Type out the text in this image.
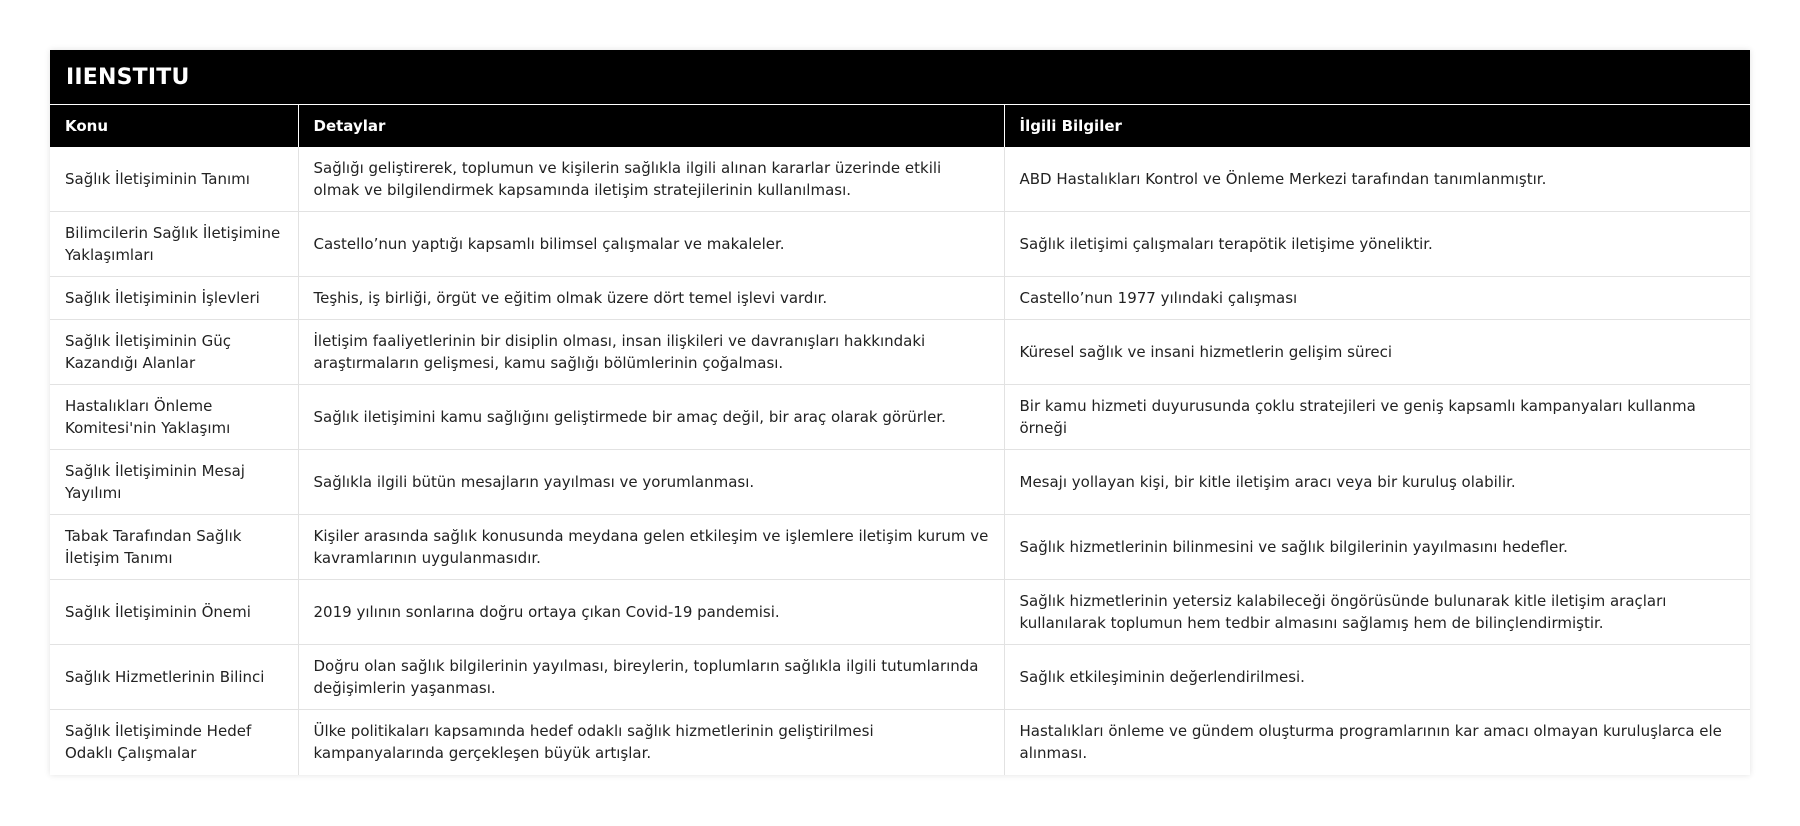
IIENSTITU
Konu	Detaylar	İlgili Bilgiler
Sağlık İletişiminin Tanımı	Sağlığı geliştirerek, toplumun ve kişilerin sağlıkla ilgili alınan kararlar üzerinde etkili olmak ve bilgilendirmek kapsamında iletişim stratejilerinin kullanılması.	ABD Hastalıkları Kontrol ve Önleme Merkezi tarafından tanımlanmıştır.
Bilimcilerin Sağlık İletişimine Yaklaşımları	Castello’nun yaptığı kapsamlı bilimsel çalışmalar ve makaleler.	Sağlık iletişimi çalışmaları terapötik iletişime yöneliktir.
Sağlık İletişiminin İşlevleri	Teşhis, iş birliği, örgüt ve eğitim olmak üzere dört temel işlevi vardır.	Castello’nun 1977 yılındaki çalışması
Sağlık İletişiminin Güç Kazandığı Alanlar	İletişim faaliyetlerinin bir disiplin olması, insan ilişkileri ve davranışları hakkındaki araştırmaların gelişmesi, kamu sağlığı bölümlerinin çoğalması.	Küresel sağlık ve insani hizmetlerin gelişim süreci
Hastalıkları Önleme Komitesi'nin Yaklaşımı	Sağlık iletişimini kamu sağlığını geliştirmede bir amaç değil, bir araç olarak görürler.	Bir kamu hizmeti duyurusunda çoklu stratejileri ve geniş kapsamlı kampanyaları kullanma örneği
Sağlık İletişiminin Mesaj Yayılımı	Sağlıkla ilgili bütün mesajların yayılması ve yorumlanması.	Mesajı yollayan kişi, bir kitle iletişim aracı veya bir kuruluş olabilir.
Tabak Tarafından Sağlık İletişim Tanımı	Kişiler arasında sağlık konusunda meydana gelen etkileşim ve işlemlere iletişim kurum ve kavramlarının uygulanmasıdır.	Sağlık hizmetlerinin bilinmesini ve sağlık bilgilerinin yayılmasını hedefler.
Sağlık İletişiminin Önemi	2019 yılının sonlarına doğru ortaya çıkan Covid-19 pandemisi.	Sağlık hizmetlerinin yetersiz kalabileceği öngörüsünde bulunarak kitle iletişim araçları kullanılarak toplumun hem tedbir almasını sağlamış hem de bilinçlendirmiştir.
Sağlık Hizmetlerinin Bilinci	Doğru olan sağlık bilgilerinin yayılması, bireylerin, toplumların sağlıkla ilgili tutumlarında değişimlerin yaşanması.	Sağlık etkileşiminin değerlendirilmesi.
Sağlık İletişiminde Hedef Odaklı Çalışmalar	Ülke politikaları kapsamında hedef odaklı sağlık hizmetlerinin geliştirilmesi kampanyalarında gerçekleşen büyük artışlar.	Hastalıkları önleme ve gündem oluşturma programlarının kar amacı olmayan kuruluşlarca ele alınması.
